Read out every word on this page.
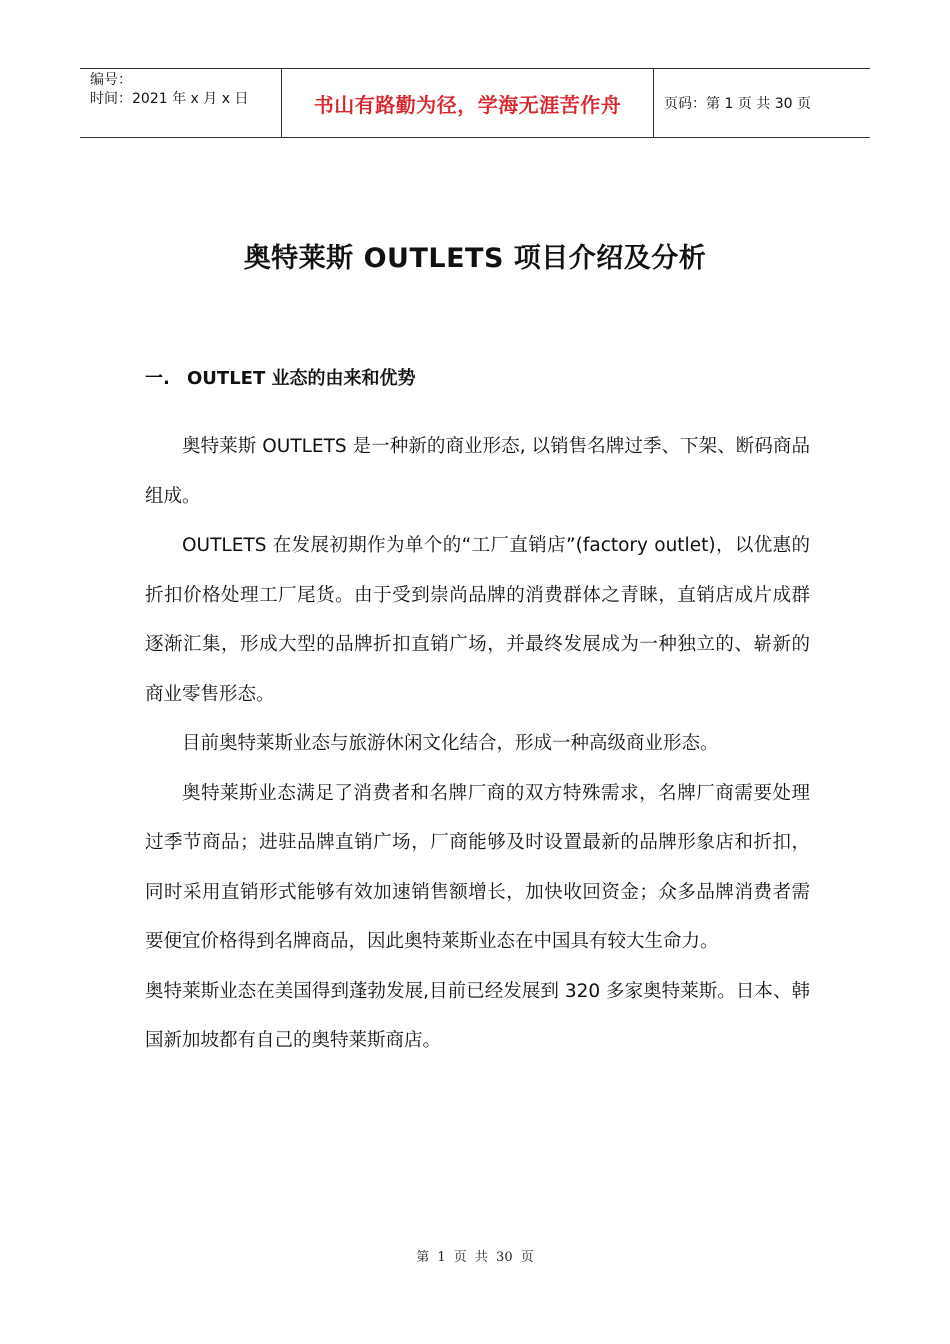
编号：
时间：2021 年 x 月 x 日	书山有路勤为径，学海无涯苦作舟	页码：第 1 页 共 30 页
奥特莱斯 OUTLETS 项目介绍及分析
一. OUTLET 业态的由来和优势

奥特莱斯 OUTLETS 是一种新的商业形态, 以销售名牌过季、下架、断码商品组成。

OUTLETS 在发展初期作为单个的“工厂直销店”(factory outlet)，以优惠的折扣价格处理工厂尾货。由于受到崇尚品牌的消费群体之青睐，直销店成片成群逐渐汇集，形成大型的品牌折扣直销广场，并最终发展成为一种独立的、崭新的商业零售形态。

目前奥特莱斯业态与旅游休闲文化结合，形成一种高级商业形态。

奥特莱斯业态满足了消费者和名牌厂商的双方特殊需求，名牌厂商需要处理过季节商品；进驻品牌直销广场，厂商能够及时设置最新的品牌形象店和折扣，同时采用直销形式能够有效加速销售额增长，加快收回资金；众多品牌消费者需要便宜价格得到名牌商品，因此奥特莱斯业态在中国具有较大生命力。

奥特莱斯业态在美国得到蓬勃发展,目前已经发展到 320 多家奥特莱斯。日本、韩国新加坡都有自己的奥特莱斯商店。

第 1 页 共 30 页
